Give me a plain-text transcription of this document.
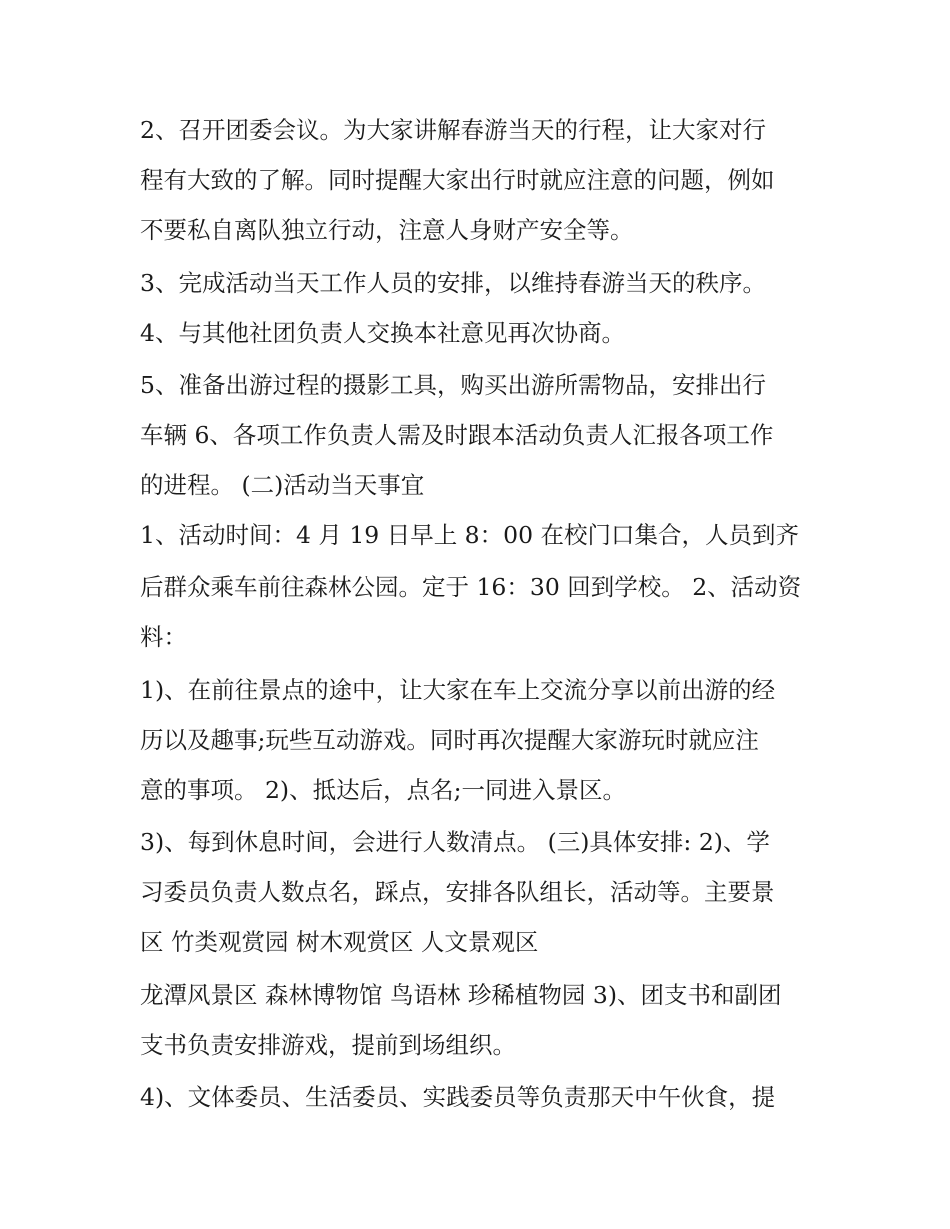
2、召开团委会议。为大家讲解春游当天的行程，让大家对行
程有大致的了解。同时提醒大家出行时就应注意的问题，例如
不要私自离队独立行动，注意人身财产安全等。
3、完成活动当天工作人员的安排，以维持春游当天的秩序。
4、与其他社团负责人交换本社意见再次协商。
5、准备出游过程的摄影工具，购买出游所需物品，安排出行
车辆 6、各项工作负责人需及时跟本活动负责人汇报各项工作
的进程。 (二)活动当天事宜
1、活动时间：4 月 19 日早上 8：00 在校门口集合，人员到齐
后群众乘车前往森林公园。定于 16：30 回到学校。 2、活动资
料：
1)、在前往景点的途中，让大家在车上交流分享以前出游的经
历以及趣事;玩些互动游戏。同时再次提醒大家游玩时就应注
意的事项。 2)、抵达后，点名;一同进入景区。
3)、每到休息时间，会进行人数清点。 (三)具体安排: 2)、学
习委员负责人数点名，踩点，安排各队组长，活动等。主要景
区 竹类观赏园 树木观赏区 人文景观区
龙潭风景区 森林博物馆 鸟语林 珍稀植物园 3)、团支书和副团
支书负责安排游戏，提前到场组织。
4)、文体委员、生活委员、实践委员等负责那天中午伙食，提
